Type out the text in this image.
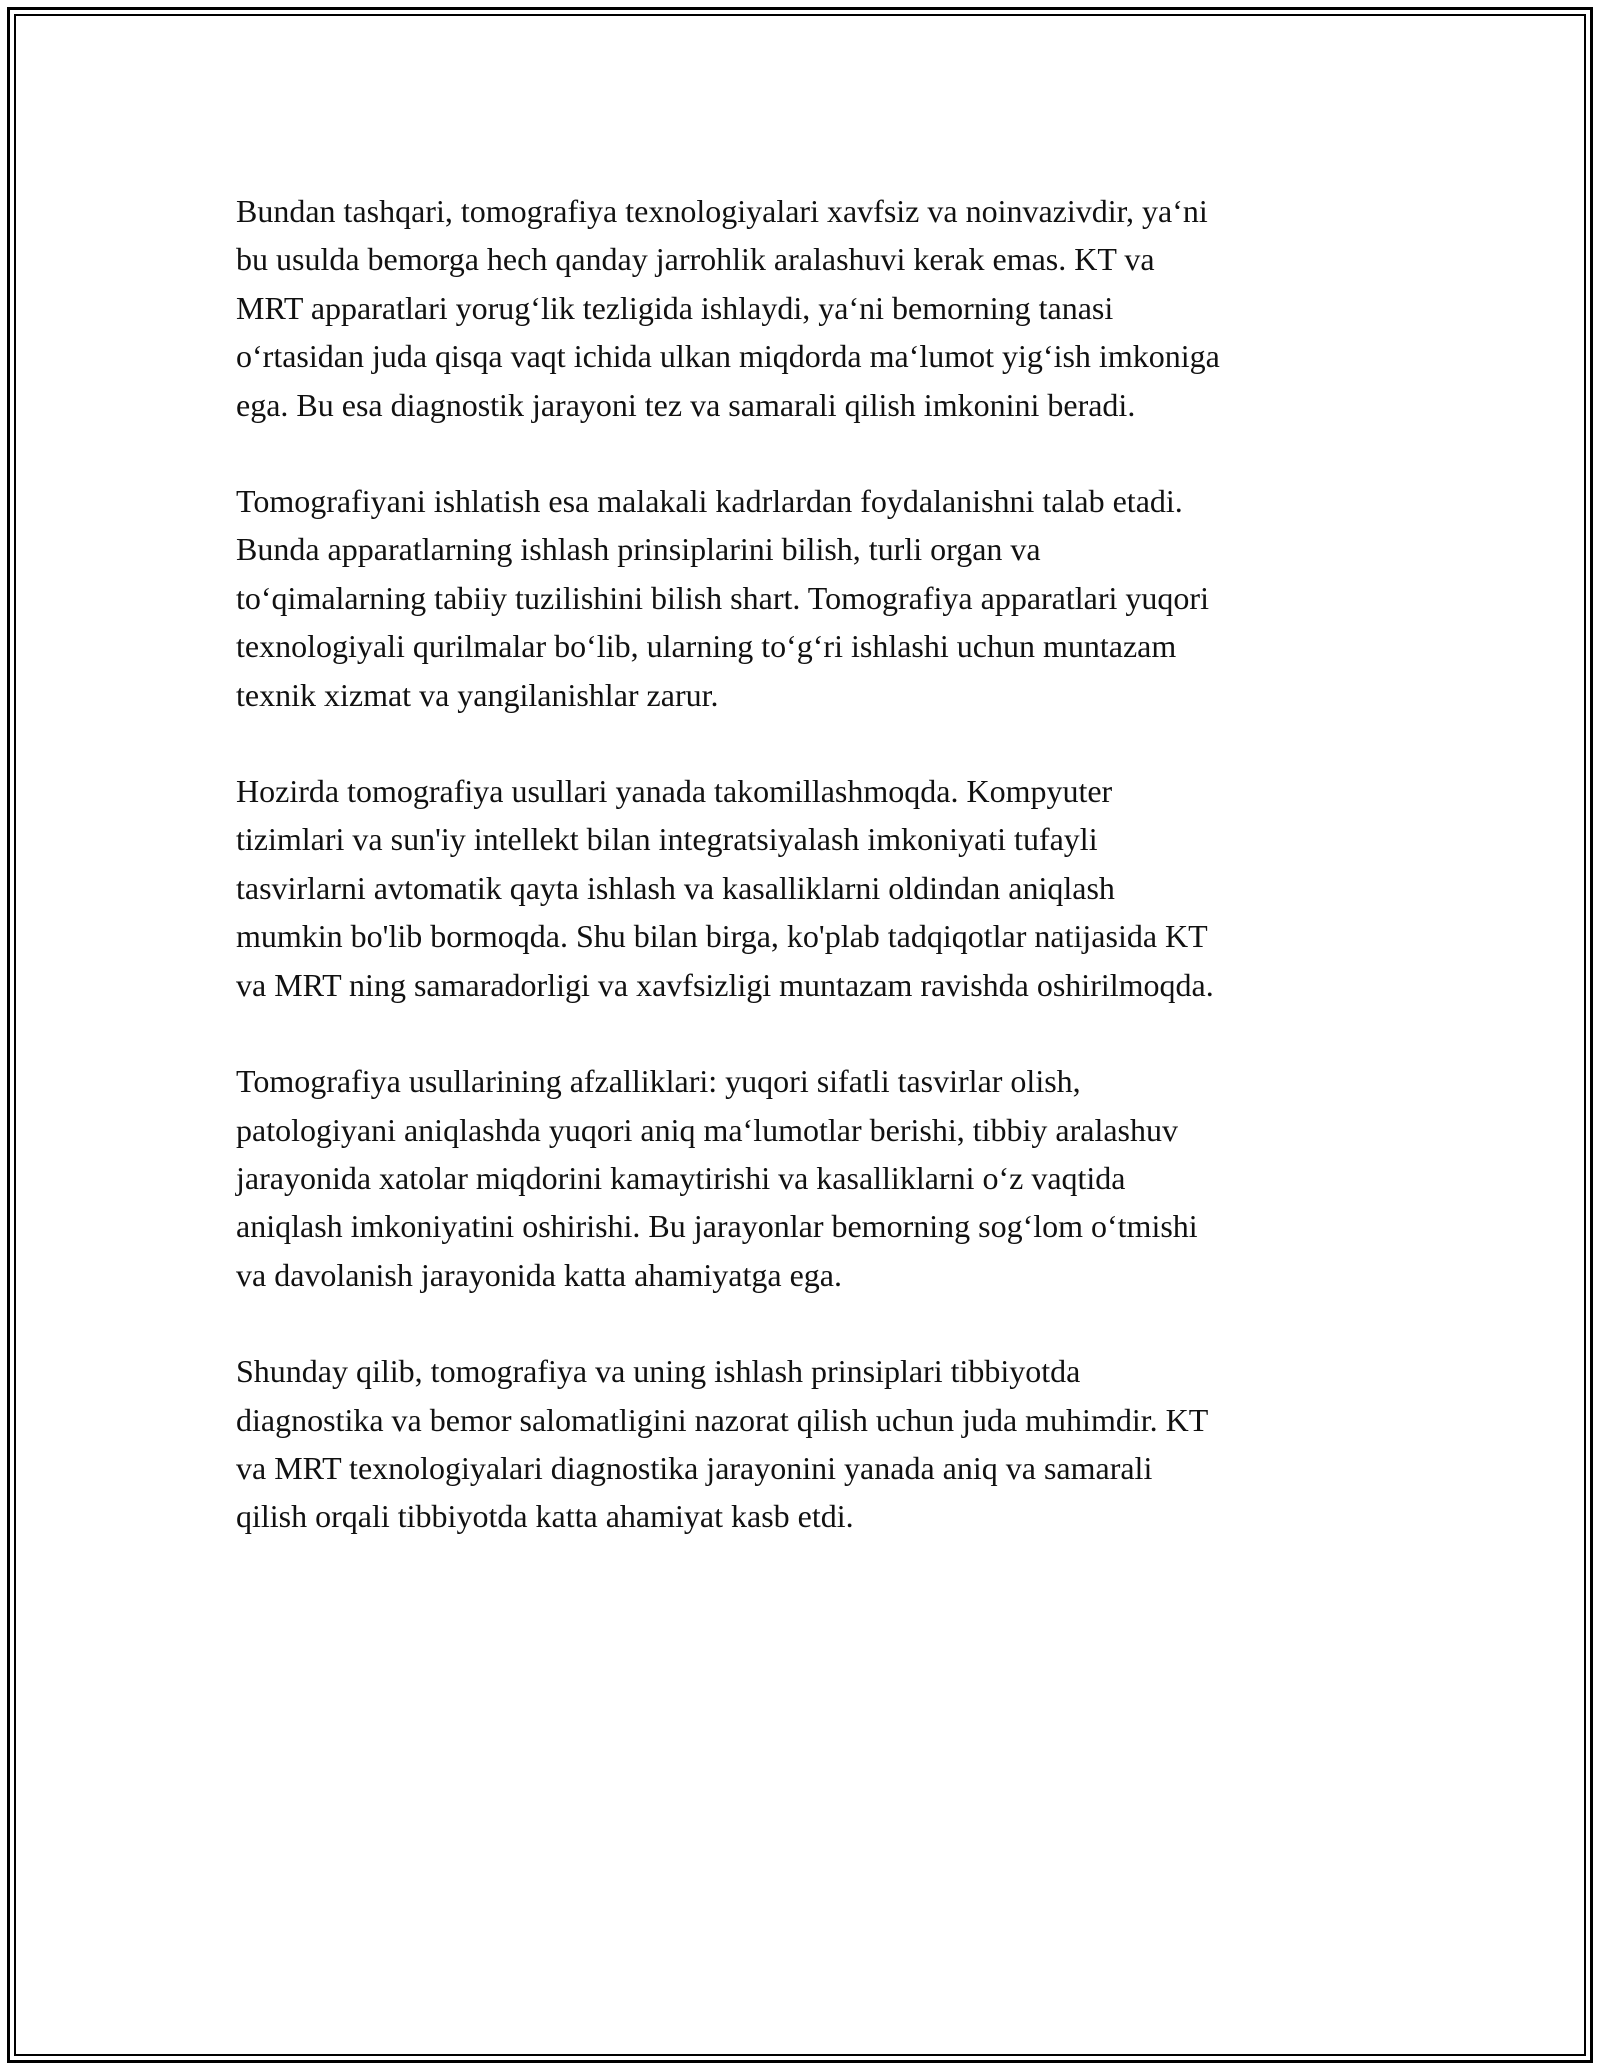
Bundan tashqari, tomografiya texnologiyalari xavfsiz va noinvazivdir, ya‘ni
bu usulda bemorga hech qanday jarrohlik aralashuvi kerak emas. KT va
MRT apparatlari yorug‘lik tezligida ishlaydi, ya‘ni bemorning tanasi
o‘rtasidan juda qisqa vaqt ichida ulkan miqdorda ma‘lumot yig‘ish imkoniga
ega. Bu esa diagnostik jarayoni tez va samarali qilish imkonini beradi.

Tomografiyani ishlatish esa malakali kadrlardan foydalanishni talab etadi.
Bunda apparatlarning ishlash prinsiplarini bilish, turli organ va
to‘qimalarning tabiiy tuzilishini bilish shart. Tomografiya apparatlari yuqori
texnologiyali qurilmalar bo‘lib, ularning to‘g‘ri ishlashi uchun muntazam
texnik xizmat va yangilanishlar zarur.

Hozirda tomografiya usullari yanada takomillashmoqda. Kompyuter
tizimlari va sun'iy intellekt bilan integratsiyalash imkoniyati tufayli
tasvirlarni avtomatik qayta ishlash va kasalliklarni oldindan aniqlash
mumkin bo'lib bormoqda. Shu bilan birga, ko'plab tadqiqotlar natijasida KT
va MRT ning samaradorligi va xavfsizligi muntazam ravishda oshirilmoqda.

Tomografiya usullarining afzalliklari: yuqori sifatli tasvirlar olish,
patologiyani aniqlashda yuqori aniq ma‘lumotlar berishi, tibbiy aralashuv
jarayonida xatolar miqdorini kamaytirishi va kasalliklarni o‘z vaqtida
aniqlash imkoniyatini oshirishi. Bu jarayonlar bemorning sog‘lom o‘tmishi
va davolanish jarayonida katta ahamiyatga ega.

Shunday qilib, tomografiya va uning ishlash prinsiplari tibbiyotda
diagnostika va bemor salomatligini nazorat qilish uchun juda muhimdir. KT
va MRT texnologiyalari diagnostika jarayonini yanada aniq va samarali
qilish orqali tibbiyotda katta ahamiyat kasb etdi.
